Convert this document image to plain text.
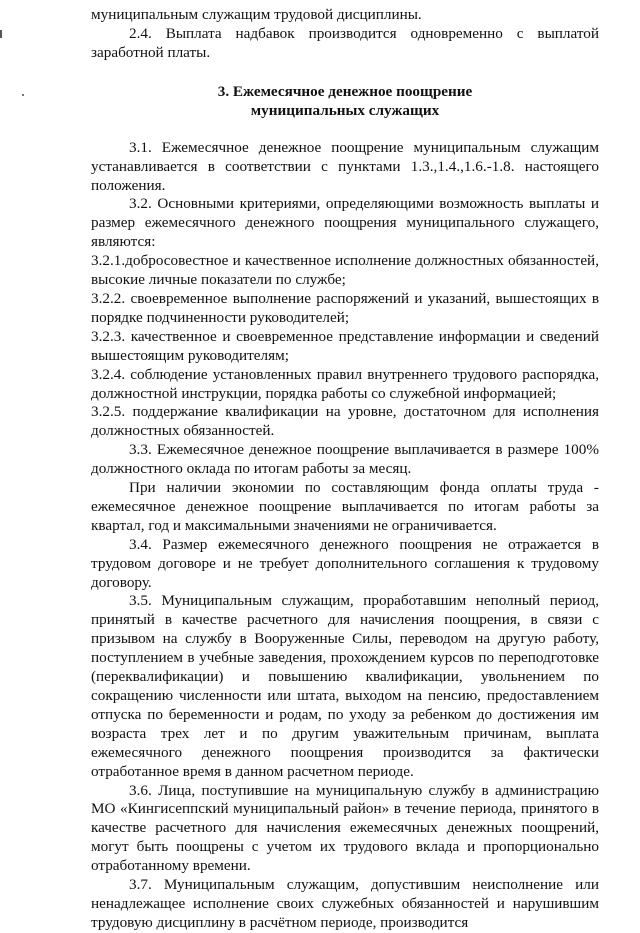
муниципальным служащим трудовой дисциплины.

2.4. Выплата надбавок производится одновременно с выплатой заработной платы.

3. Ежемесячное денежное поощрение
муниципальных служащих

3.1. Ежемесячное денежное поощрение муниципальным служащим устанавливается в соответствии с пунктами 1.3.,1.4.,1.6.-1.8. настоящего положения.

3.2. Основными критериями, определяющими возможность выплаты и размер ежемесячного денежного поощрения муниципального служащего, являются:

3.2.1.добросовестное и качественное исполнение должностных обязанностей, высокие личные показатели по службе;

3.2.2. своевременное выполнение распоряжений и указаний, вышестоящих в порядке подчиненности руководителей;

3.2.3. качественное и своевременное представление информации и сведений вышестоящим руководителям;

3.2.4. соблюдение установленных правил внутреннего трудового распорядка, должностной инструкции, порядка работы со служебной информацией;

3.2.5. поддержание квалификации на уровне, достаточном для исполнения должностных обязанностей.

3.3. Ежемесячное денежное поощрение выплачивается в размере 100% должностного оклада по итогам работы за месяц.

При наличии экономии по составляющим фонда оплаты труда - ежемесячное денежное поощрение выплачивается по итогам работы за квартал, год и максимальными значениями не ограничивается.

3.4. Размер ежемесячного денежного поощрения не отражается в трудовом договоре и не требует дополнительного соглашения к трудовому договору.

3.5. Муниципальным служащим, проработавшим неполный период, принятый в качестве расчетного для начисления поощрения, в связи с призывом на службу в Вооруженные Силы, переводом на другую работу, поступлением в учебные заведения, прохождением курсов по переподготовке (переквалификации) и повышению квалификации, увольнением по сокращению численности или штата, выходом на пенсию, предоставлением отпуска по беременности и родам, по уходу за ребенком до достижения им возраста трех лет и по другим уважительным причинам, выплата ежемесячного денежного поощрения производится за фактически отработанное время в данном расчетном периоде.

3.6. Лица, поступившие на муниципальную службу в администрацию МО «Кингисеппский муниципальный район» в течение периода, принятого в качестве расчетного для начисления ежемесячных денежных поощрений, могут быть поощрены с учетом их трудового вклада и пропорционально отработанному времени.

3.7. Муниципальным служащим, допустившим неисполнение или ненадлежащее исполнение своих служебных обязанностей и нарушившим трудовую дисциплину в расчётном периоде, производится
